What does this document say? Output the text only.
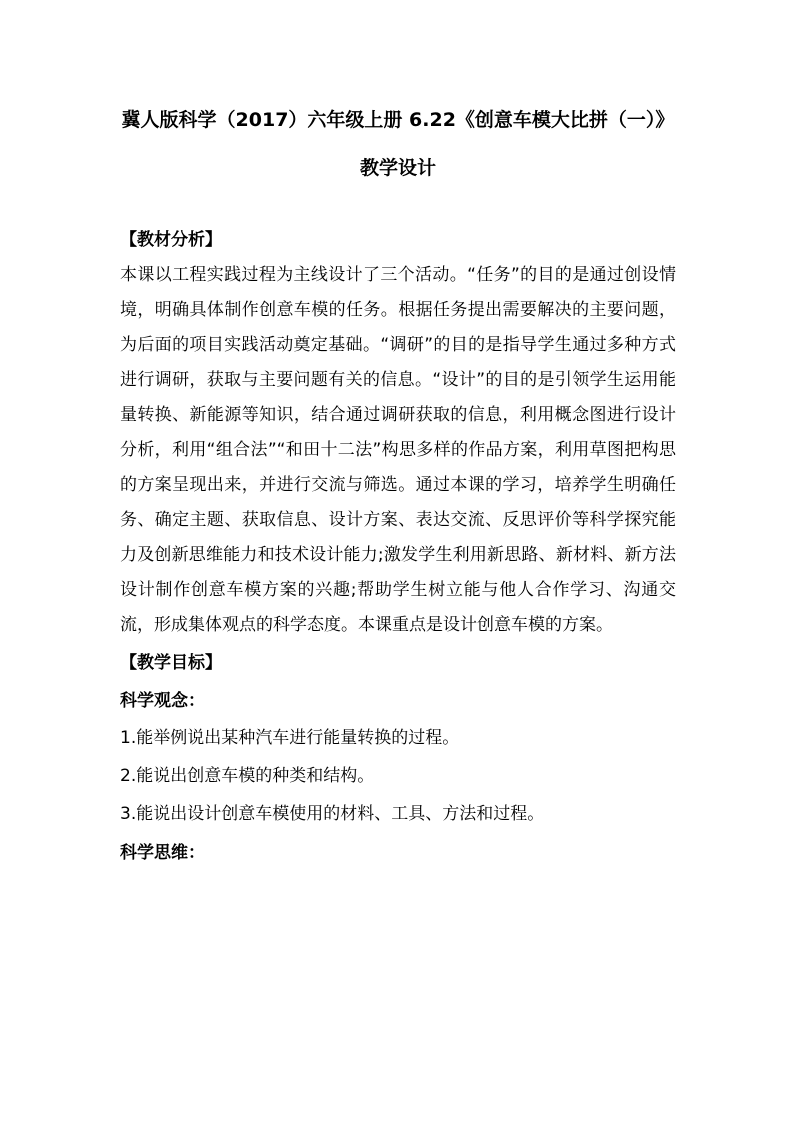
冀人版科学（2017）六年级上册 6.22《创意车模大比拼（一）》
教学设计

【教材分析】

本课以工程实践过程为主线设计了三个活动。“任务”的目的是通过创设情境，明确具体制作创意车模的任务。根据任务提出需要解决的主要问题，为后面的项目实践活动奠定基础。“调研”的目的是指导学生通过多种方式进行调研，获取与主要问题有关的信息。“设计”的目的是引领学生运用能量转换、新能源等知识，结合通过调研获取的信息，利用概念图进行设计分析，利用“组合法”“和田十二法”构思多样的作品方案，利用草图把构思的方案呈现出来，并进行交流与筛选。通过本课的学习，培养学生明确任务、确定主题、获取信息、设计方案、表达交流、反思评价等科学探究能力及创新思维能力和技术设计能力;激发学生利用新思路、新材料、新方法设计制作创意车模方案的兴趣;帮助学生树立能与他人合作学习、沟通交流，形成集体观点的科学态度。本课重点是设计创意车模的方案。

【教学目标】

科学观念：

1.能举例说出某种汽车进行能量转换的过程。
2.能说出创意车模的种类和结构。
3.能说出设计创意车模使用的材料、工具、方法和过程。

科学思维：
